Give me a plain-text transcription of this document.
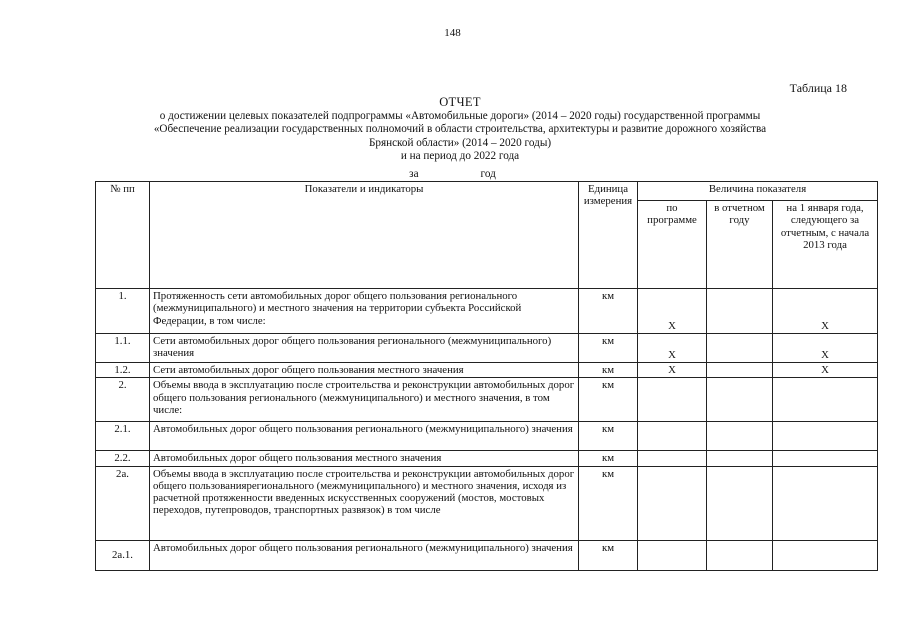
148
Таблица 18
ОТЧЕТ
о достижении целевых показателей подпрограммы «Автомобильные дороги» (2014 – 2020 годы) государственной программы
«Обеспечение реализации государственных полномочий в области строительства, архитектуры и развитие дорожного хозяйства
Брянской области» (2014 – 2020 годы)
и на период до 2022 года
за	год
№ пп	Показатели и индикаторы	Единица измерения	Величина показателя		
			по программе	в отчетном году	на 1 января года, следующего за отчетным, с начала 2013 года
1.	Протяженность сети автомобильных дорог общего пользования регионального (межмуниципального) и местного значения на территории субъекта Российской Федерации, в том числе:	км	Х		Х
1.1.	Сети автомобильных дорог общего пользования регионального (межмуниципального) значения	км	Х		Х
1.2.	Сети автомобильных дорог общего пользования местного значения	км	Х		Х
2.	Объемы ввода в эксплуатацию после строительства и реконструкции автомобильных дорог общего пользования регионального (межмуниципального) и местного значения, в том числе:	км			
2.1.	Автомобильных дорог общего пользования регионального (межмуниципального) значения	км			
2.2.	Автомобильных дорог общего пользования местного значения	км			
2а.	Объемы ввода в эксплуатацию после строительства и реконструкции автомобильных дорог общего пользованиярегионального (межмуниципального) и местного значения, исходя из расчетной протяженности введенных искусственных сооружений (мостов, мостовых переходов, путепроводов, транспортных развязок) в том числе	км			
2а.1.	Автомобильных дорог общего пользования регионального (межмуниципального) значения	км			
